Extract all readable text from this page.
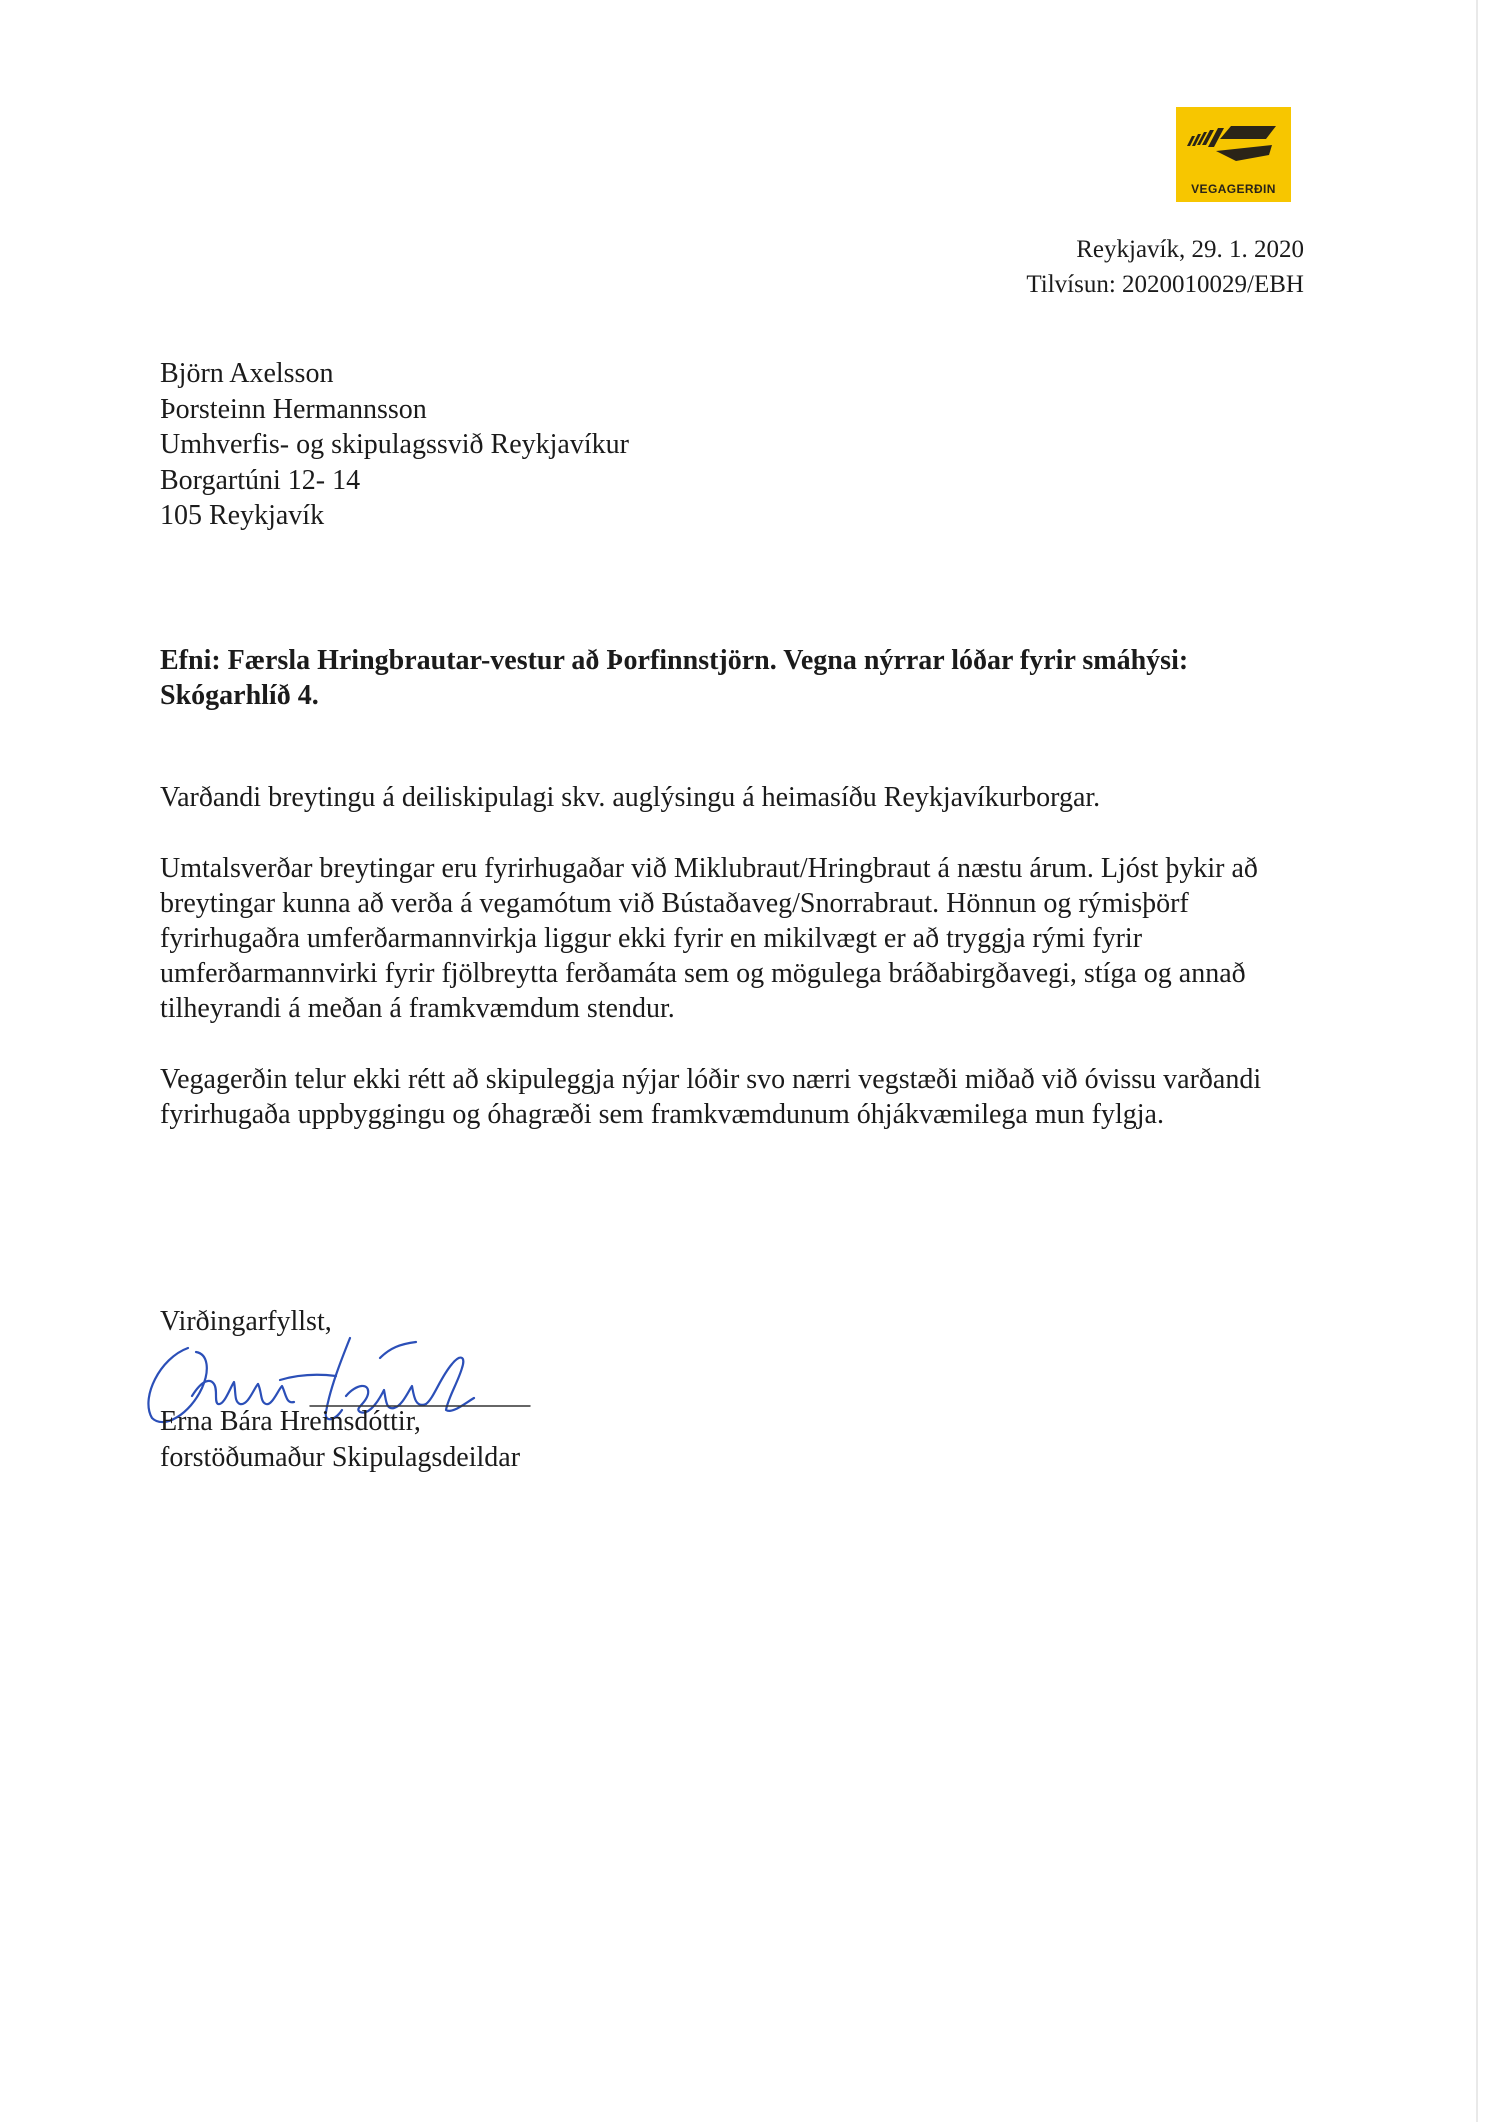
VEGAGERÐIN
Reykjavík, 29. 1. 2020
Tilvísun: 2020010029/EBH
Björn Axelsson
Þorsteinn Hermannsson
Umhverfis- og skipulagssvið Reykjavíkur
Borgartúni 12- 14
105 Reykjavík
Efni: Færsla Hringbrautar-vestur að Þorfinnstjörn. Vegna nýrrar lóðar fyrir smáhýsi: Skógarhlíð 4.

Varðandi breytingu á deiliskipulagi skv. auglýsingu á heimasíðu Reykjavíkurborgar.

Umtalsverðar breytingar eru fyrirhugaðar við Miklubraut/Hringbraut á næstu árum. Ljóst þykir að breytingar kunna að verða á vegamótum við Bústaðaveg/Snorrabraut. Hönnun og rýmisþörf fyrirhugaðra umferðarmannvirkja liggur ekki fyrir en mikilvægt er að tryggja rými fyrir umferðarmannvirki fyrir fjölbreytta ferðamáta sem og mögulega bráðabirgðavegi, stíga og annað tilheyrandi á meðan á framkvæmdum stendur.

Vegagerðin telur ekki rétt að skipuleggja nýjar lóðir svo nærri vegstæði miðað við óvissu varðandi fyrirhugaða uppbyggingu og óhagræði sem framkvæmdunum óhjákvæmilega mun fylgja.

Virðingarfyllst,
Erna Bára Hreinsdóttir,
forstöðumaður Skipulagsdeildar
